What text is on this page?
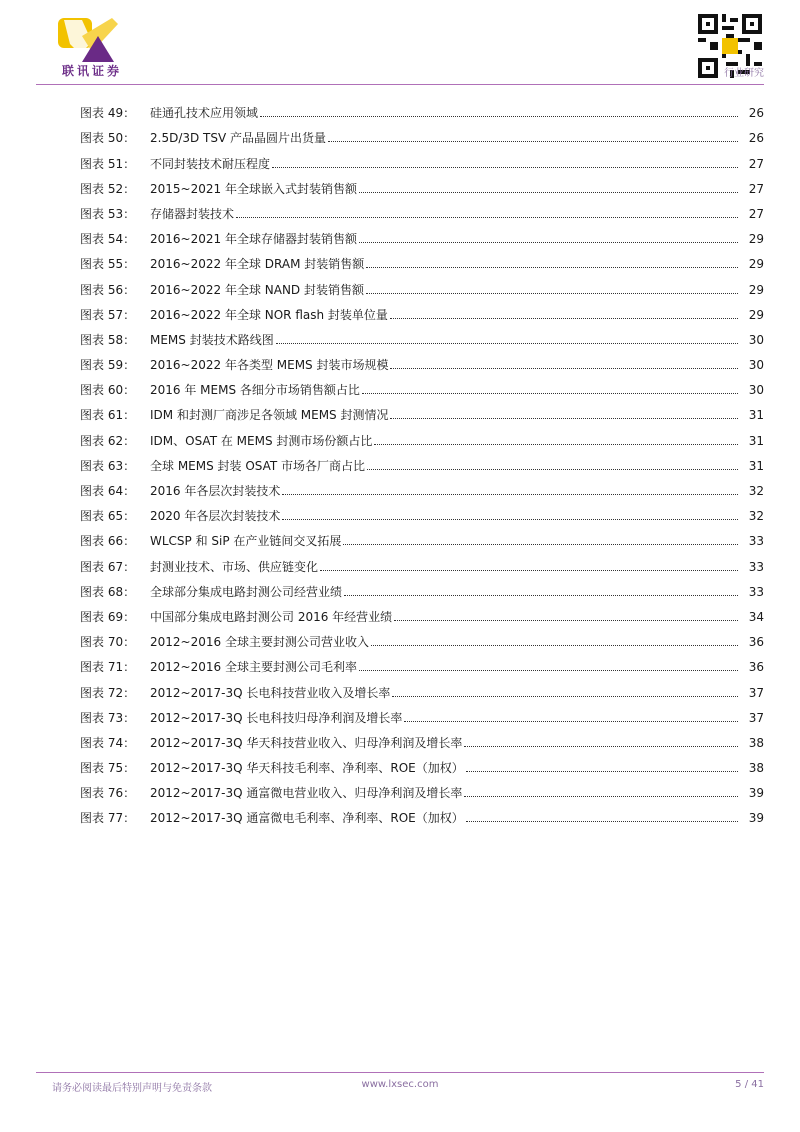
联讯证券	行业研究
图表 49：	硅通孔技术应用领域	26
图表 50：	2.5D/3D TSV 产品晶圆片出货量	26
图表 51：	不同封装技术耐压程度	27
图表 52：	2015~2021 年全球嵌入式封装销售额	27
图表 53：	存储器封装技术	27
图表 54：	2016~2021 年全球存储器封装销售额	29
图表 55：	2016~2022 年全球 DRAM 封装销售额	29
图表 56：	2016~2022 年全球 NAND 封装销售额	29
图表 57：	2016~2022 年全球 NOR flash 封装单位量	29
图表 58：	MEMS 封装技术路线图	30
图表 59：	2016~2022 年各类型 MEMS 封装市场规模	30
图表 60：	2016 年 MEMS 各细分市场销售额占比	30
图表 61：	IDM 和封测厂商涉足各领域 MEMS 封测情况	31
图表 62：	IDM、OSAT 在 MEMS 封测市场份额占比	31
图表 63：	全球 MEMS 封装 OSAT 市场各厂商占比	31
图表 64：	2016 年各层次封装技术	32
图表 65：	2020 年各层次封装技术	32
图表 66：	WLCSP 和 SiP 在产业链间交叉拓展	33
图表 67：	封测业技术、市场、供应链变化	33
图表 68：	全球部分集成电路封测公司经营业绩	33
图表 69：	中国部分集成电路封测公司 2016 年经营业绩	34
图表 70：	2012~2016 全球主要封测公司营业收入	36
图表 71：	2012~2016 全球主要封测公司毛利率	36
图表 72：	2012~2017-3Q 长电科技营业收入及增长率	37
图表 73：	2012~2017-3Q 长电科技归母净利润及增长率	37
图表 74：	2012~2017-3Q 华天科技营业收入、归母净利润及增长率	38
图表 75：	2012~2017-3Q 华天科技毛利率、净利率、ROE（加权）	38
图表 76：	2012~2017-3Q 通富微电营业收入、归母净利润及增长率	39
图表 77：	2012~2017-3Q 通富微电毛利率、净利率、ROE（加权）	39
请务必阅读最后特别声明与免责条款	www.lxsec.com	5 / 41
